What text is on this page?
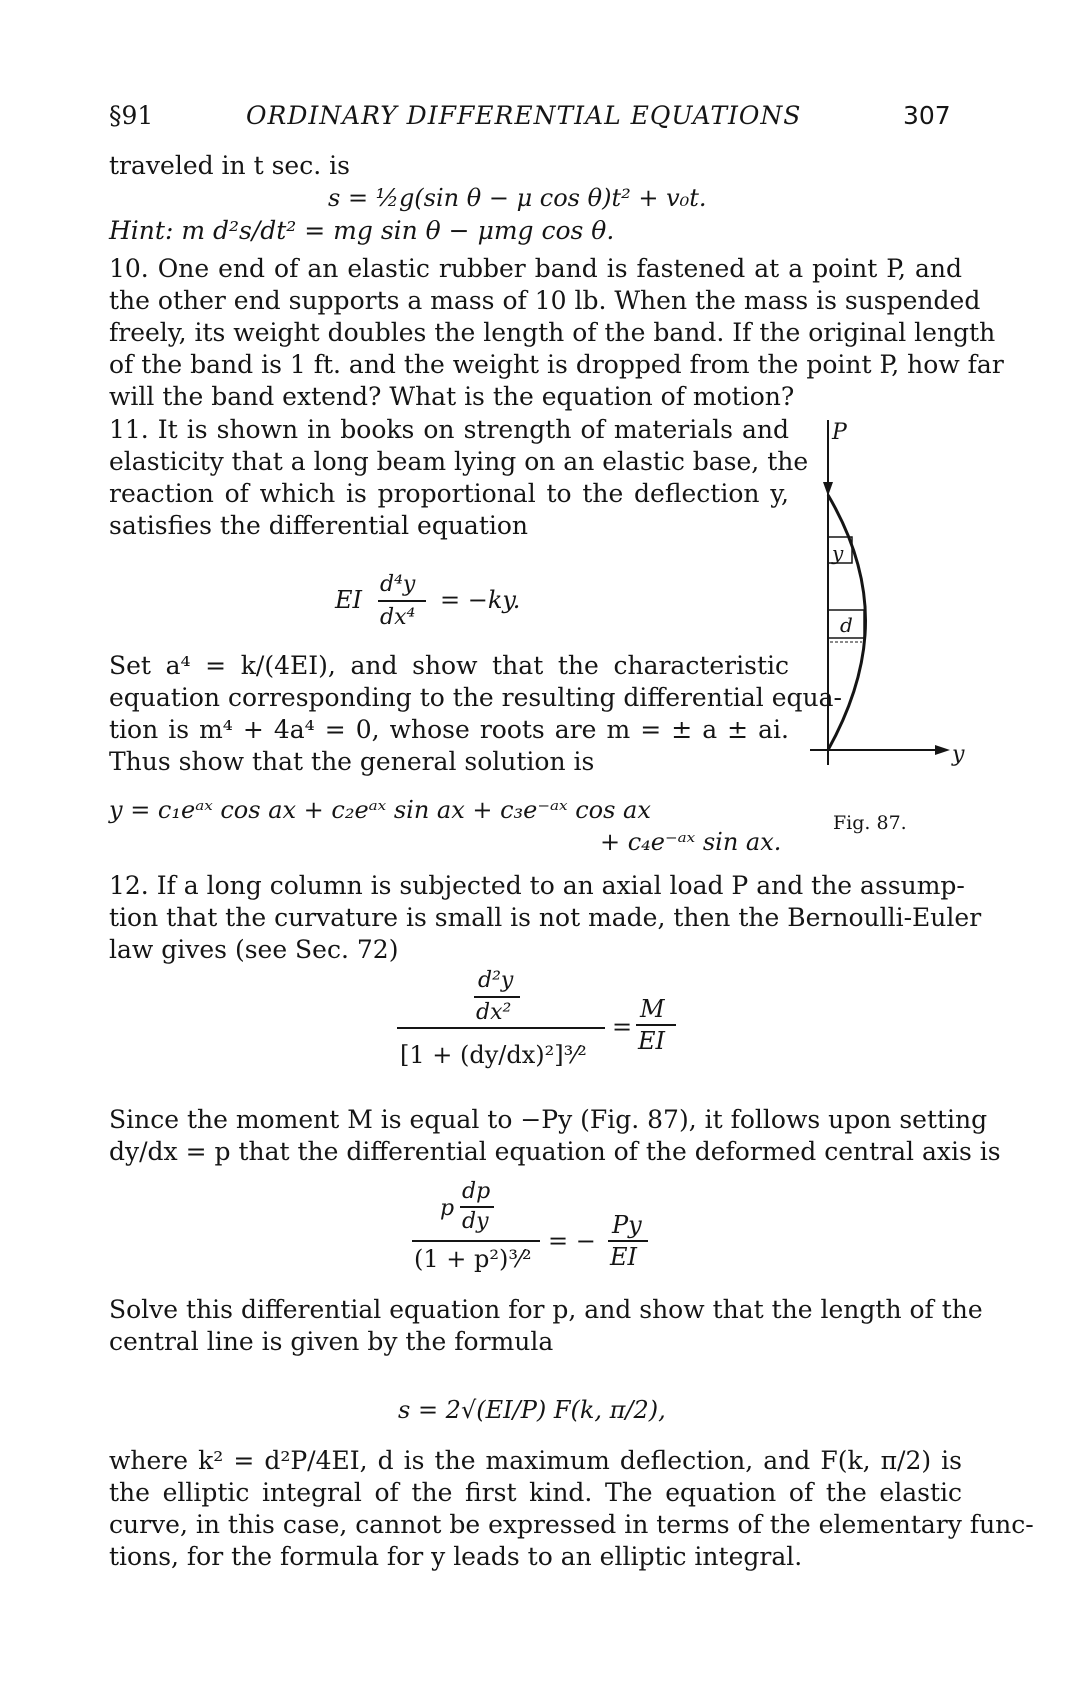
§91	ORDINARY DIFFERENTIAL EQUATIONS	307
traveled in t sec. is
s = ½g(sin θ − μ cos θ)t² + v₀t.
Hint: m d²s/dt² = mg sin θ − μmg cos θ.
10. One end of an elastic rubber band is fastened at a point P, and
the other end supports a mass of 10 lb. When the mass is suspended
freely, its weight doubles the length of the band. If the original length
of the band is 1 ft. and the weight is dropped from the point P, how far
will the band extend? What is the equation of motion?
11. It is shown in books on strength of materials and
elasticity that a long beam lying on an elastic base, the
reaction of which is proportional to the deflection y,
satisfies the differential equation
EI
d⁴y
dx⁴
= −ky.
Set a⁴ = k/(4EI), and show that the characteristic
equation corresponding to the resulting differential equa-
tion is m⁴ + 4a⁴ = 0, whose roots are m = ± a ± ai.
Thus show that the general solution is
y = c₁eᵃˣ cos ax + c₂eᵃˣ sin ax + c₃e⁻ᵃˣ cos ax
+ c₄e⁻ᵃˣ sin ax.
P
y
d
y
Fig. 87.
12. If a long column is subjected to an axial load P and the assump-
tion that the curvature is small is not made, then the Bernoulli-Euler
law gives (see Sec. 72)
d²y
dx²
[1 + (dy/dx)²]³⁄²
=
M
EI
Since the moment M is equal to −Py (Fig. 87), it follows upon setting
dy/dx = p that the differential equation of the deformed central axis is
dp
p
dy
(1 + p²)³⁄²
= −
Py
EI
Solve this differential equation for p, and show that the length of the
central line is given by the formula
s = 2√(EI/P) F(k, π/2),
where k² = d²P/4EI, d is the maximum deflection, and F(k, π/2) is
the elliptic integral of the first kind. The equation of the elastic
curve, in this case, cannot be expressed in terms of the elementary func-
tions, for the formula for y leads to an elliptic integral.
